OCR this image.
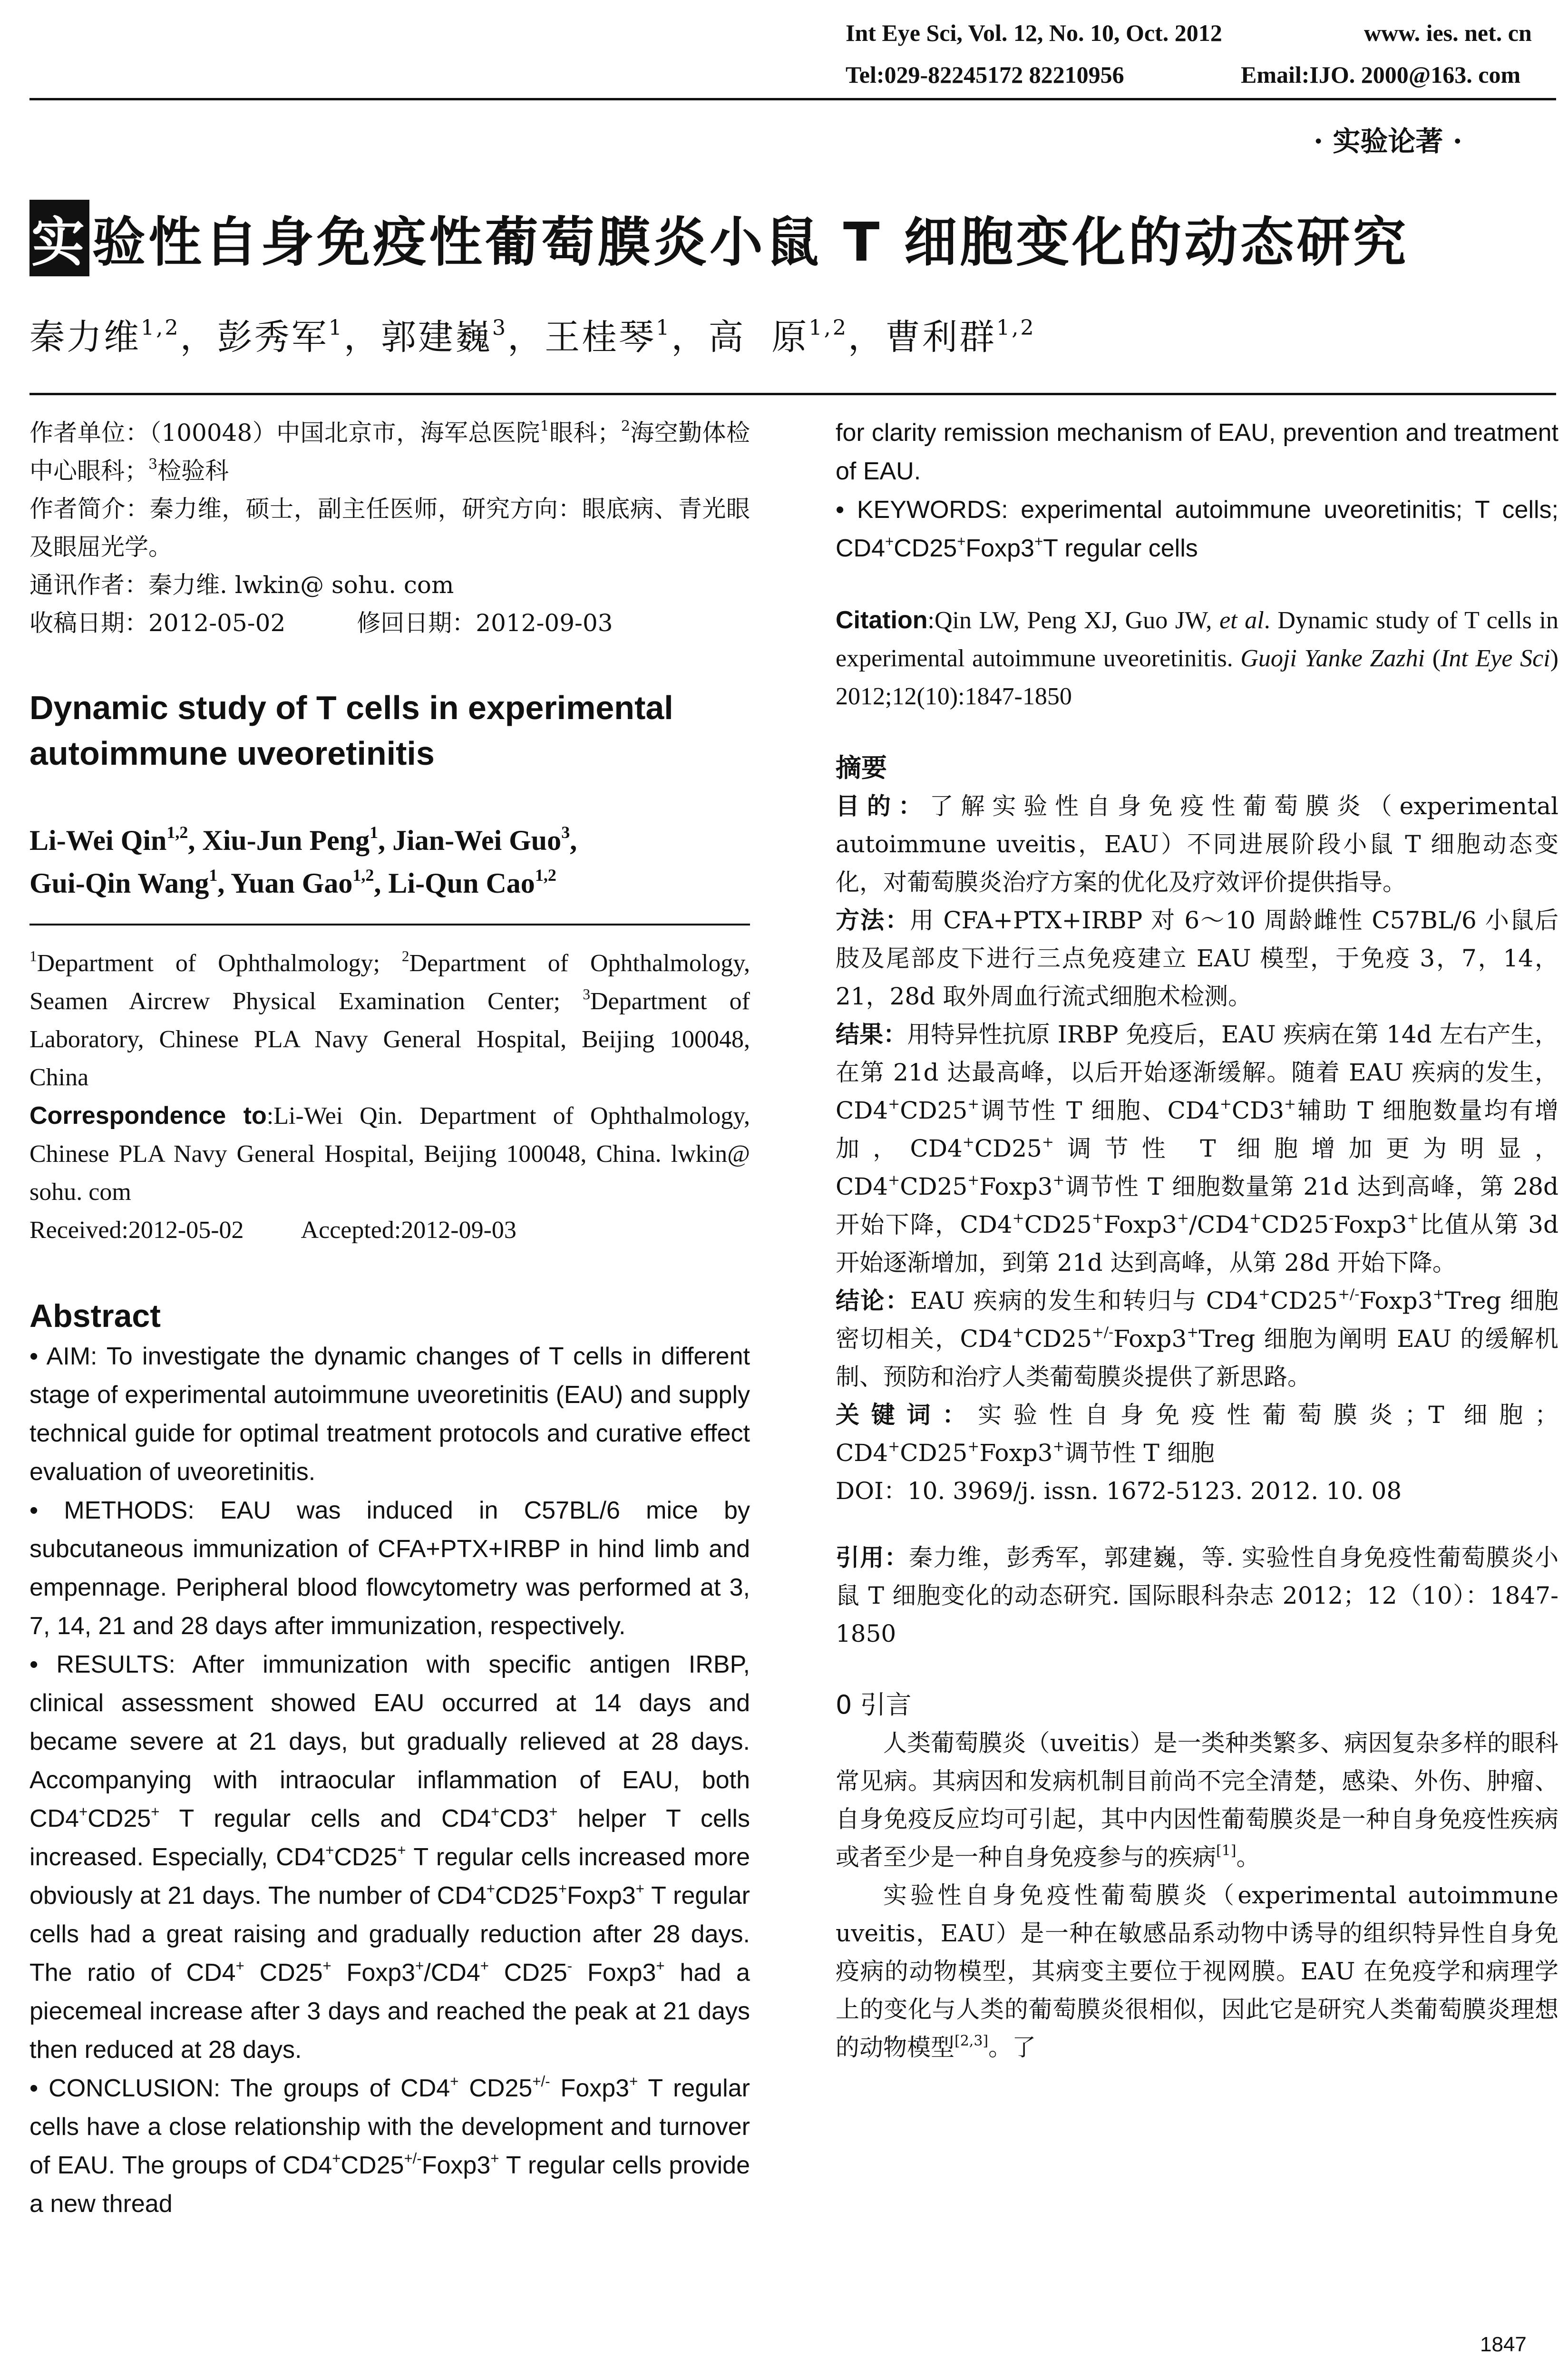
Int Eye Sci, Vol. 12, No. 10, Oct. 2012	www. ies. net. cn
Tel:029-82245172 82210956	Email:IJO. 2000@163. com
· 实验论著 ·
实验性自身免疫性葡萄膜炎小鼠 T 细胞变化的动态研究
秦力维$^{1,2}$，彭秀军$^1$，郭建巍$^3$，王桂琴$^1$，高  原$^{1,2}$，曹利群$^{1,2}$

作者单位：（100048）中国北京市，海军总医院$^1$眼科；$^2$海空勤体检中心眼科；$^3$检验科

作者简介：秦力维，硕士，副主任医师，研究方向：眼底病、青光眼及眼屈光学。

通讯作者：秦力维. lwkin@ sohu. com

收稿日期：2012-05-02	修回日期：2012-09-03

Dynamic study of T cells in experimental autoimmune uveoretinitis

Li-Wei Qin$^{1,2}$, Xiu-Jun Peng$^1$, Jian-Wei Guo$^3$,

Gui-Qin Wang$^1$, Yuan Gao$^{1,2}$, Li-Qun Cao$^{1,2}$

$^1$Department of Ophthalmology; $^2$Department of Ophthalmology, Seamen Aircrew Physical Examination Center; $^3$Department of Laboratory, Chinese PLA Navy General Hospital, Beijing 100048, China

Correspondence to:Li-Wei Qin. Department of Ophthalmology, Chinese PLA Navy General Hospital, Beijing 100048, China. lwkin@ sohu. com

Received:2012-05-02 Accepted:2012-09-03

Abstract

• AIM: To investigate the dynamic changes of T cells in different stage of experimental autoimmune uveoretinitis (EAU) and supply technical guide for optimal treatment protocols and curative effect evaluation of uveoretinitis.

• METHODS: EAU was induced in C57BL/6 mice by subcutaneous immunization of CFA+PTX+IRBP in hind limb and empennage. Peripheral blood flowcytometry was performed at 3, 7, 14, 21 and 28 days after immunization, respectively.

• RESULTS: After immunization with specific antigen IRBP, clinical assessment showed EAU occurred at 14 days and became severe at 21 days, but gradually relieved at 28 days. Accompanying with intraocular inflammation of EAU, both CD4+CD25+ T regular cells and CD4+CD3+ helper T cells increased. Especially, CD4+CD25+ T regular cells increased more obviously at 21 days. The number of CD4+CD25+Foxp3+ T regular cells had a great raising and gradually reduction after 28 days. The ratio of CD4+ CD25+ Foxp3+/CD4+ CD25- Foxp3+ had a piecemeal increase after 3 days and reached the peak at 21 days then reduced at 28 days.

• CONCLUSION: The groups of CD4+ CD25+/- Foxp3+ T regular cells have a close relationship with the development and turnover of EAU. The groups of CD4+CD25+/-Foxp3+ T regular cells provide a new thread

for clarity remission mechanism of EAU, prevention and treatment of EAU.

• KEYWORDS: experimental autoimmune uveoretinitis; T cells; CD4+CD25+Foxp3+T regular cells

Citation:Qin LW, Peng XJ, Guo JW, et al. Dynamic study of T cells in experimental autoimmune uveoretinitis. Guoji Yanke Zazhi (Int Eye Sci) 2012;12(10):1847-1850

摘要

目的：了解实验性自身免疫性葡萄膜炎（experimental autoimmune uveitis，EAU）不同进展阶段小鼠 T 细胞动态变化，对葡萄膜炎治疗方案的优化及疗效评价提供指导。

方法：用 CFA+PTX+IRBP 对 6～10 周龄雌性 C57BL/6 小鼠后肢及尾部皮下进行三点免疫建立 EAU 模型，于免疫 3，7，14，21，28d 取外周血行流式细胞术检测。

结果：用特异性抗原 IRBP 免疫后，EAU 疾病在第 14d 左右产生，在第 21d 达最高峰，以后开始逐渐缓解。随着 EAU 疾病的发生，CD4+CD25+调节性 T 细胞、CD4+CD3+辅助 T 细胞数量均有增加，CD4+CD25+调节性 T 细胞增加更为明显，CD4+CD25+Foxp3+调节性 T 细胞数量第 21d 达到高峰，第 28d 开始下降，CD4+CD25+Foxp3+/CD4+CD25-Foxp3+比值从第 3d 开始逐渐增加，到第 21d 达到高峰，从第 28d 开始下降。

结论：EAU 疾病的发生和转归与 CD4+CD25+/-Foxp3+Treg 细胞密切相关，CD4+CD25+/-Foxp3+Treg 细胞为阐明 EAU 的缓解机制、预防和治疗人类葡萄膜炎提供了新思路。

关键词：实验性自身免疫性葡萄膜炎；T 细胞；CD4+CD25+Foxp3+调节性 T 细胞

DOI：10. 3969/j. issn. 1672-5123. 2012. 10. 08

引用：秦力维，彭秀军，郭建巍，等. 实验性自身免疫性葡萄膜炎小鼠 T 细胞变化的动态研究. 国际眼科杂志 2012；12（10）：1847-1850

0 引言

人类葡萄膜炎（uveitis）是一类种类繁多、病因复杂多样的眼科常见病。其病因和发病机制目前尚不完全清楚，感染、外伤、肿瘤、自身免疫反应均可引起，其中内因性葡萄膜炎是一种自身免疫性疾病或者至少是一种自身免疫参与的疾病[1]。

实验性自身免疫性葡萄膜炎（experimental autoimmune uveitis，EAU）是一种在敏感品系动物中诱导的组织特异性自身免疫病的动物模型，其病变主要位于视网膜。EAU 在免疫学和病理学上的变化与人类的葡萄膜炎很相似，因此它是研究人类葡萄膜炎理想的动物模型[2,3]。了

1847
